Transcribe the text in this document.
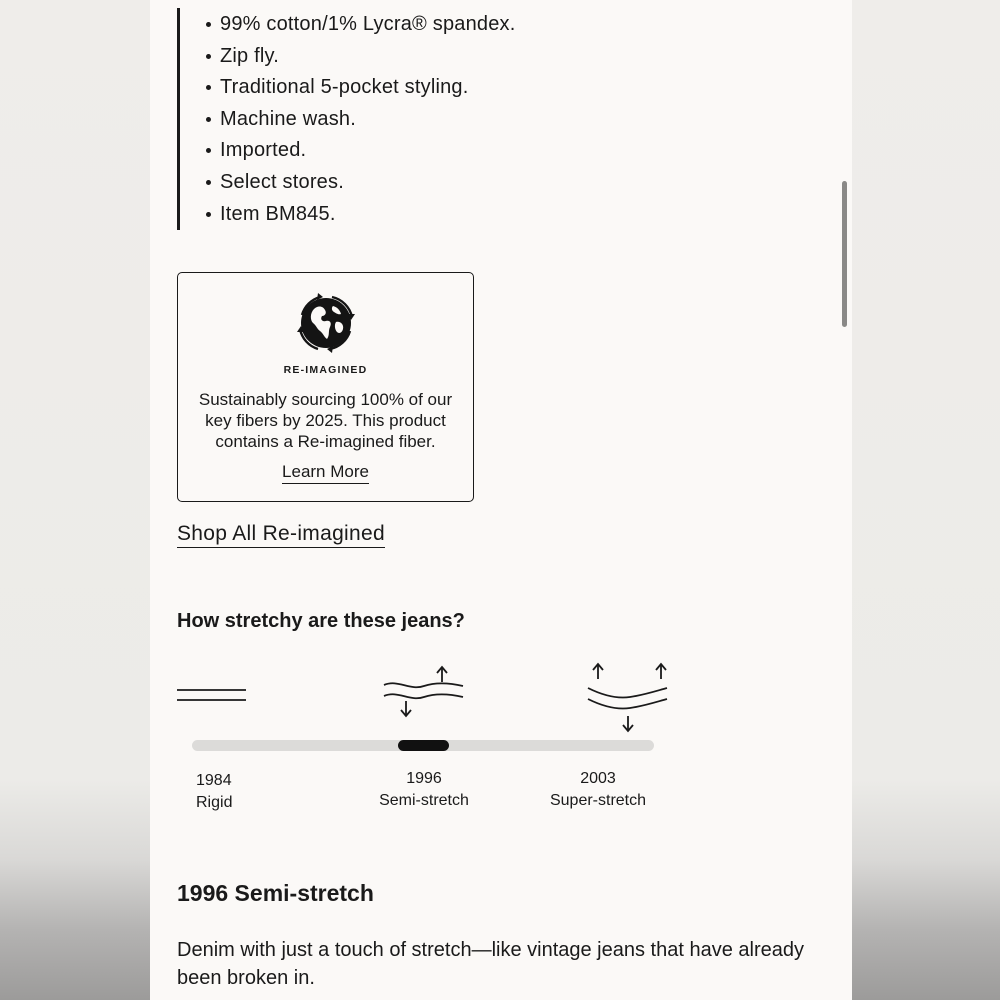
99% cotton/1% Lycra® spandex.
Zip fly.
Traditional 5-pocket styling.
Machine wash.
Imported.
Select stores.
Item BM845.
RE-IMAGINED
Sustainably sourcing 100% of our key fibers by 2025. This product contains a Re-imagined fiber.
Learn More
Shop All Re-imagined
How stretchy are these jeans?
1984
Rigid
1996
Semi-stretch
2003
Super-stretch
1996 Semi-stretch
Denim with just a touch of stretch—like vintage jeans that have already been broken in.
